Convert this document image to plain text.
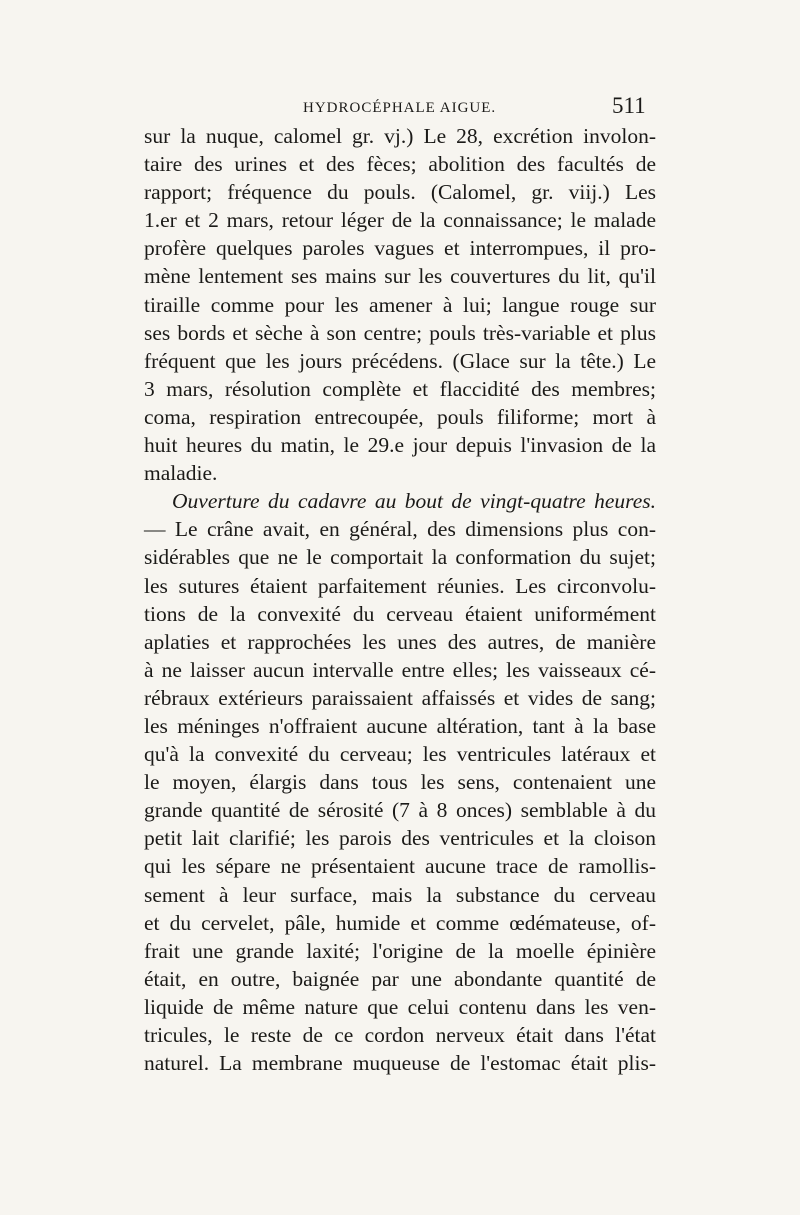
HYDROCÉPHALE AIGUE.	511
sur la nuque, calomel gr. vj.) Le 28, excrétion involon-
taire des urines et des fèces; abolition des facultés de
rapport; fréquence du pouls. (Calomel, gr. viij.) Les
1.er et 2 mars, retour léger de la connaissance; le malade
profère quelques paroles vagues et interrompues, il pro-
mène lentement ses mains sur les couvertures du lit, qu'il
tiraille comme pour les amener à lui; langue rouge sur
ses bords et sèche à son centre; pouls très-variable et plus
fréquent que les jours précédens. (Glace sur la tête.) Le
3 mars, résolution complète et flaccidité des membres;
coma, respiration entrecoupée, pouls filiforme; mort à
huit heures du matin, le 29.e jour depuis l'invasion de la
maladie.
Ouverture du cadavre au bout de vingt-quatre heures.
— Le crâne avait, en général, des dimensions plus con-
sidérables que ne le comportait la conformation du sujet;
les sutures étaient parfaitement réunies. Les circonvolu-
tions de la convexité du cerveau étaient uniformément
aplaties et rapprochées les unes des autres, de manière
à ne laisser aucun intervalle entre elles; les vaisseaux cé-
rébraux extérieurs paraissaient affaissés et vides de sang;
les méninges n'offraient aucune altération, tant à la base
qu'à la convexité du cerveau; les ventricules latéraux et
le moyen, élargis dans tous les sens, contenaient une
grande quantité de sérosité (7 à 8 onces) semblable à du
petit lait clarifié; les parois des ventricules et la cloison
qui les sépare ne présentaient aucune trace de ramollis-
sement à leur surface, mais la substance du cerveau
et du cervelet, pâle, humide et comme œdémateuse, of-
frait une grande laxité; l'origine de la moelle épinière
était, en outre, baignée par une abondante quantité de
liquide de même nature que celui contenu dans les ven-
tricules, le reste de ce cordon nerveux était dans l'état
naturel. La membrane muqueuse de l'estomac était plis-
